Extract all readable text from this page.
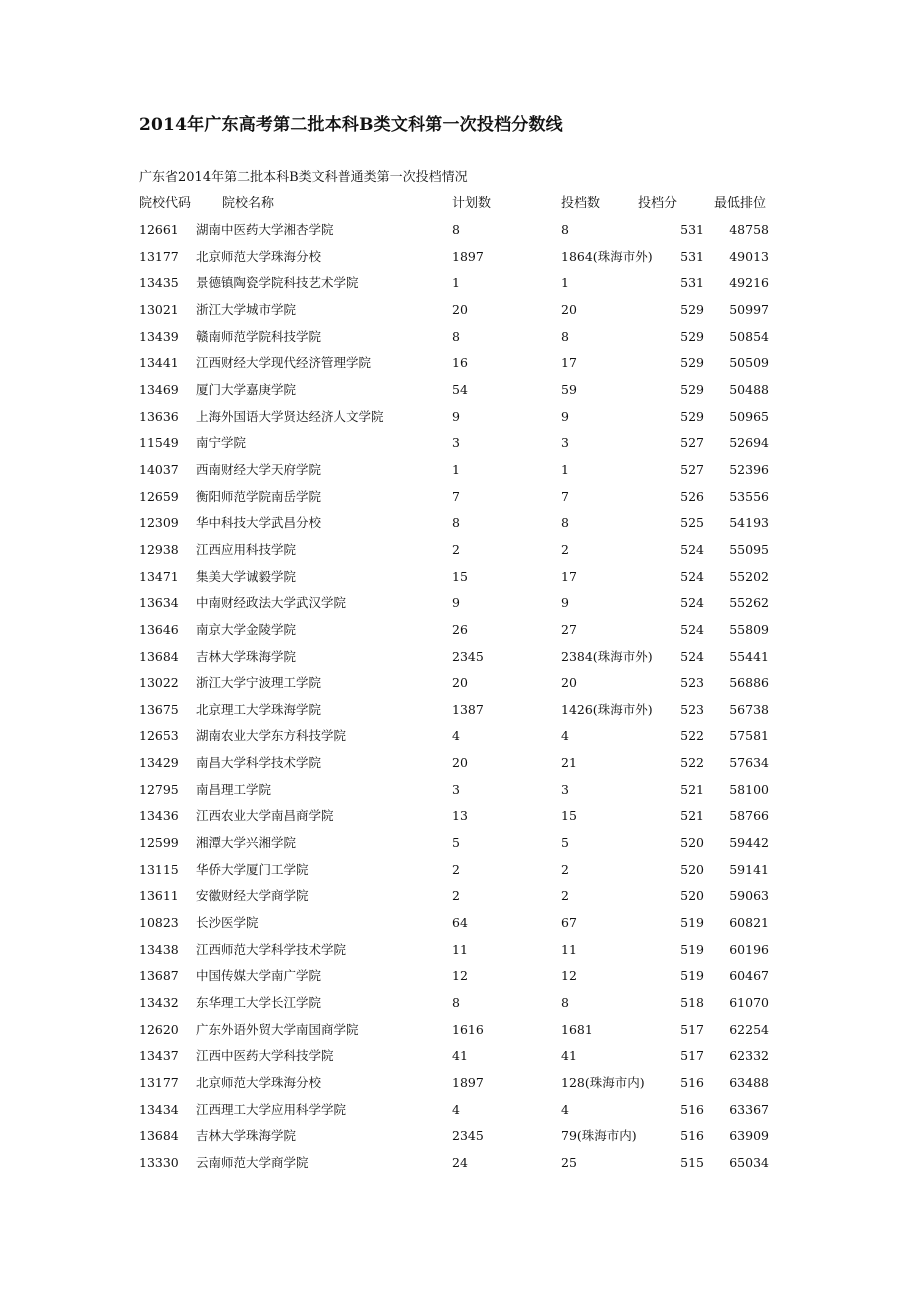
2014年广东高考第二批本科B类文科第一次投档分数线
广东省2014年第二批本科B类文科普通类第一次投档情况
院校代码 院校名称	计划数	投档数	投档分	最低排位
12661 湖南中医药大学湘杏学院	8	8	531	48758
13177 北京师范大学珠海分校	1897	1864(珠海市外)	531	49013
13435 景德镇陶瓷学院科技艺术学院	1	1	531	49216
13021 浙江大学城市学院	20	20	529	50997
13439 赣南师范学院科技学院	8	8	529	50854
13441 江西财经大学现代经济管理学院	16	17	529	50509
13469 厦门大学嘉庚学院	54	59	529	50488
13636 上海外国语大学贤达经济人文学院	9	9	529	50965
11549 南宁学院	3	3	527	52694
14037 西南财经大学天府学院	1	1	527	52396
12659 衡阳师范学院南岳学院	7	7	526	53556
12309 华中科技大学武昌分校	8	8	525	54193
12938 江西应用科技学院	2	2	524	55095
13471 集美大学诚毅学院	15	17	524	55202
13634 中南财经政法大学武汉学院	9	9	524	55262
13646 南京大学金陵学院	26	27	524	55809
13684 吉林大学珠海学院	2345	2384(珠海市外)	524	55441
13022 浙江大学宁波理工学院	20	20	523	56886
13675 北京理工大学珠海学院	1387	1426(珠海市外)	523	56738
12653 湖南农业大学东方科技学院	4	4	522	57581
13429 南昌大学科学技术学院	20	21	522	57634
12795 南昌理工学院	3	3	521	58100
13436 江西农业大学南昌商学院	13	15	521	58766
12599 湘潭大学兴湘学院	5	5	520	59442
13115 华侨大学厦门工学院	2	2	520	59141
13611 安徽财经大学商学院	2	2	520	59063
10823 长沙医学院	64	67	519	60821
13438 江西师范大学科学技术学院	11	11	519	60196
13687 中国传媒大学南广学院	12	12	519	60467
13432 东华理工大学长江学院	8	8	518	61070
12620 广东外语外贸大学南国商学院	1616	1681	517	62254
13437 江西中医药大学科技学院	41	41	517	62332
13177 北京师范大学珠海分校	1897	128(珠海市内)	516	63488
13434 江西理工大学应用科学学院	4	4	516	63367
13684 吉林大学珠海学院	2345	79(珠海市内)	516	63909
13330 云南师范大学商学院	24	25	515	65034
